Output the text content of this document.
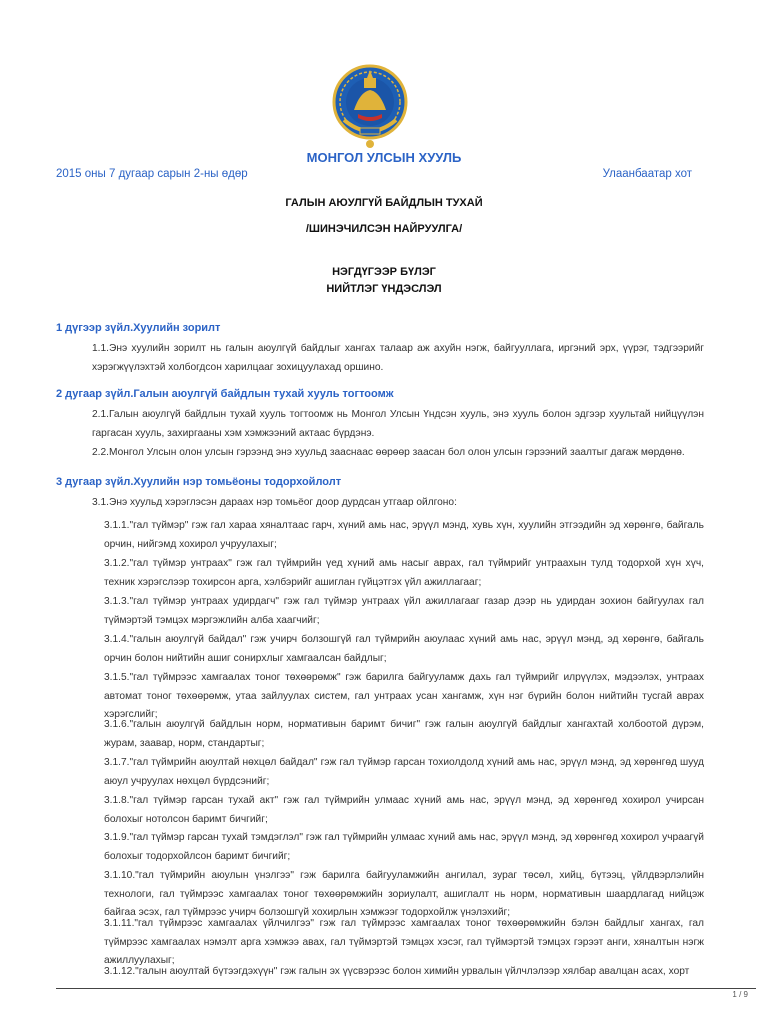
МОНГОЛ УЛСЫН ХУУЛЬ
2015 оны 7 дугаар сарын 2-ны өдөр	Улаанбаатар хот
ГАЛЫН АЮУЛГҮЙ БАЙДЛЫН ТУХАЙ
/ШИНЭЧИЛСЭН НАЙРУУЛГА/
НЭГДҮГЭЭР БҮЛЭГ
НИЙТЛЭГ ҮНДЭСЛЭЛ
1 дүгээр зүйл.Хуулийн зорилт
1.1.Энэ хуулийн зорилт нь галын аюулгүй байдлыг хангах талаар аж ахуйн нэгж, байгууллага, иргэний эрх, үүрэг, тэдгээрийг хэрэгжүүлэхтэй холбогдсон харилцааг зохицуулахад оршино.
2 дугаар зүйл.Галын аюулгүй байдлын тухай хууль тогтоомж
2.1.Галын аюулгүй байдлын тухай хууль тогтоомж нь Монгол Улсын Үндсэн хууль, энэ хууль болон эдгээр хуультай нийцүүлэн гаргасан хууль, захиргааны хэм хэмжээний актаас бүрдэнэ.
2.2.Монгол Улсын олон улсын гэрээнд энэ хуульд зааснаас өөрөөр заасан бол олон улсын гэрээний заалтыг дагаж мөрдөнө.
3 дугаар зүйл.Хуулийн нэр томьёоны тодорхойлолт
3.1.Энэ хуульд хэрэглэсэн дараах нэр томьёог доор дурдсан утгаар ойлгоно:
3.1.1."гал түймэр" гэж гал хараа хяналтаас гарч, хүний амь нас, эрүүл мэнд, хувь хүн, хуулийн этгээдийн эд хөрөнгө, байгаль орчин, нийгэмд хохирол учруулахыг;
3.1.2."гал түймэр унтраах" гэж гал түймрийн үед хүний амь насыг аврах, гал түймрийг унтраахын тулд тодорхой хүн хүч, техник хэрэгслээр тохирсон арга, хэлбэрийг ашиглан гүйцэтгэх үйл ажиллагааг;
3.1.3."гал түймэр унтраах удирдагч" гэж гал түймэр унтраах үйл ажиллагааг газар дээр нь удирдан зохион байгуулах гал түймэртэй тэмцэх мэргэжлийн алба хаагчийг;
3.1.4."галын аюулгүй байдал" гэж учирч болзошгүй гал түймрийн аюулаас хүний амь нас, эрүүл мэнд, эд хөрөнгө, байгаль орчин болон нийтийн ашиг сонирхлыг хамгаалсан байдлыг;
3.1.5."гал түймрээс хамгаалах тоног төхөөрөмж" гэж барилга байгууламж дахь гал түймрийг илрүүлэх, мэдээлэх, унтраах автомат тоног төхөөрөмж, утаа зайлуулах систем, гал унтраах усан хангамж, хүн нэг бүрийн болон нийтийн тусгай аврах хэрэгслийг;
3.1.6."галын аюулгүй байдлын норм, нормативын баримт бичиг" гэж галын аюулгүй байдлыг хангахтай холбоотой дүрэм, журам, заавар, норм, стандартыг;
3.1.7."гал түймрийн аюултай нөхцөл байдал" гэж гал түймэр гарсан тохиолдолд хүний амь нас, эрүүл мэнд, эд хөрөнгөд шууд аюул учруулах нөхцөл бүрдсэнийг;
3.1.8."гал түймэр гарсан тухай акт" гэж гал түймрийн улмаас хүний амь нас, эрүүл мэнд, эд хөрөнгөд хохирол учирсан болохыг нотолсон баримт бичгийг;
3.1.9."гал түймэр гарсан тухай тэмдэглэл" гэж гал түймрийн улмаас хүний амь нас, эрүүл мэнд, эд хөрөнгөд хохирол учраагүй болохыг тодорхойлсон баримт бичгийг;
3.1.10."гал түймрийн аюулын үнэлгээ" гэж барилга байгууламжийн ангилал, зураг төсөл, хийц, бүтээц, үйлдвэрлэлийн технологи, гал түймрээс хамгаалах тоног төхөөрөмжийн зориулалт, ашиглалт нь норм, нормативын шаардлагад нийцэж байгаа эсэх, гал түймрээс учирч болзошгүй хохирлын хэмжээг тодорхойлж үнэлэхийг;
3.1.11."гал түймрээс хамгаалах үйлчилгээ" гэж гал түймрээс хамгаалах тоног төхөөрөмжийн бэлэн байдлыг хангах, гал түймрээс хамгаалах нэмэлт арга хэмжээ авах, гал түймэртэй тэмцэх хэсэг, гал түймэртэй тэмцэх гэрээт анги, хяналтын нэгж ажиллуулахыг;
3.1.12."галын аюултай бүтээгдэхүүн" гэж галын эх үүсвэрээс болон химийн урвалын үйлчлэлээр хялбар авалцан асах, хорт
1 / 9
